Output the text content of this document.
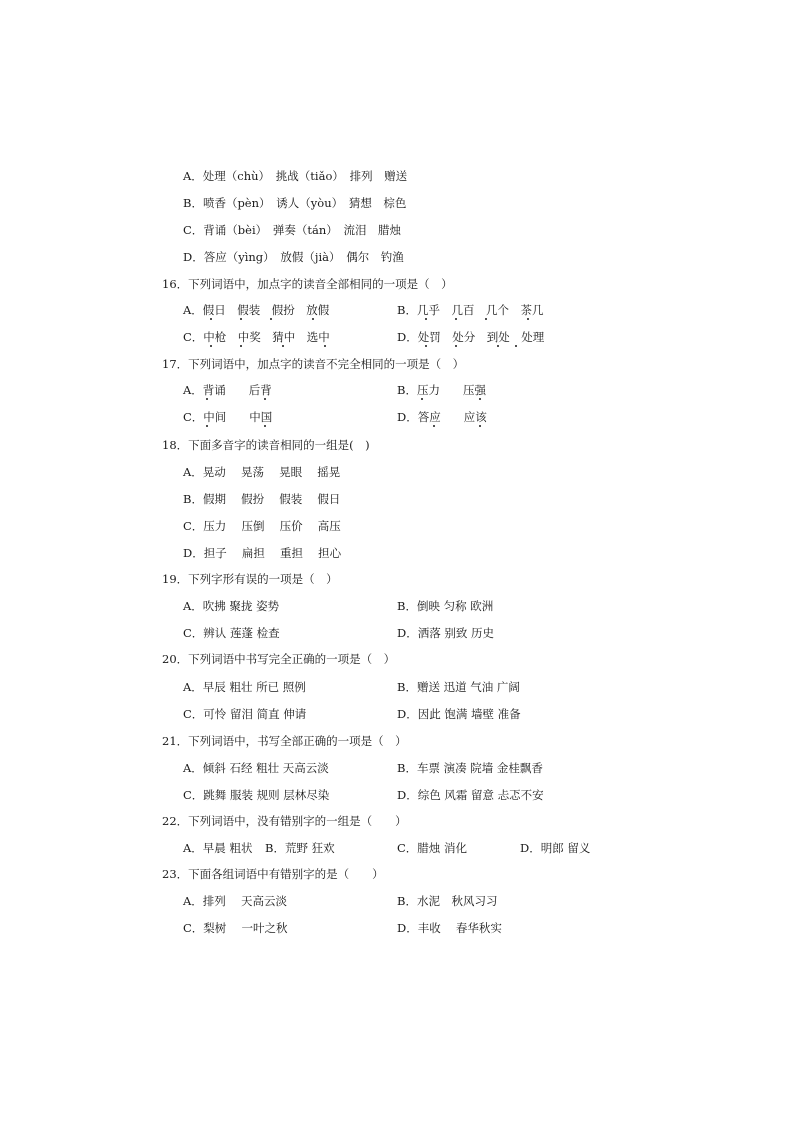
A．处理（chù）　挑战（tiǎo）　排列　赠送
B．喷香（pèn）　诱人（yòu）　猜想　棕色
C．背诵（bèi）　弹奏（tán）　流泪　腊烛
D．答应（yìng）　放假（jià）　偶尔　钓渔
16．下列词语中，加点字的读音全部相同的一项是（　）
A．假日　假装　假扮　放假	B．几乎　几百　几个　茶几
C．中枪　中奖　猜中　选中	D．处罚　处分　到处　处理
17．下列词语中，加点字的读音不完全相同的一项是（　）
A．背诵　　后背	B．压力　　压强
C．中间　　中国	D．答应　　应该
18．下面多音字的读音相同的一组是(　)
A．晃动　 晃荡　 晃眼　 摇晃
B．假期　 假扮　 假装　 假日
C．压力　 压倒　 压价　 高压
D．担子　 扁担　 重担　 担心
19．下列字形有误的一项是（　）
A．吹拂 聚拢 姿势	B．倒映 匀称 欧洲
C．辨认 莲蓬 检查	D．洒落 别致 历史
20．下列词语中书写完全正确的一项是（　）
A．早辰 粗壮 所已 照例	B．赠送 迅道 气油 广阔
C．可怜 留泪 简直 伸请	D．因此 饱满 墙壁 准备
21．下列词语中，书写全部正确的一项是（　）
A．倾斜 石经 粗壮 天高云淡	B．车票 演凑 院墙 金桂飘香
C．跳舞 服装 规则 层林尽染	D．综色 风霜 留意 忐忑不安
22．下列词语中，没有错别字的一组是（　　）
A．早晨 粗状 B．荒野 狂欢	C．腊烛 消化	D．明郎 留义
23．下面各组词语中有错别字的是（　　）
A．排列　 天高云淡	B．水泥　秋风习习
C．梨树　 一叶之秋	D．丰收　 春华秋实
